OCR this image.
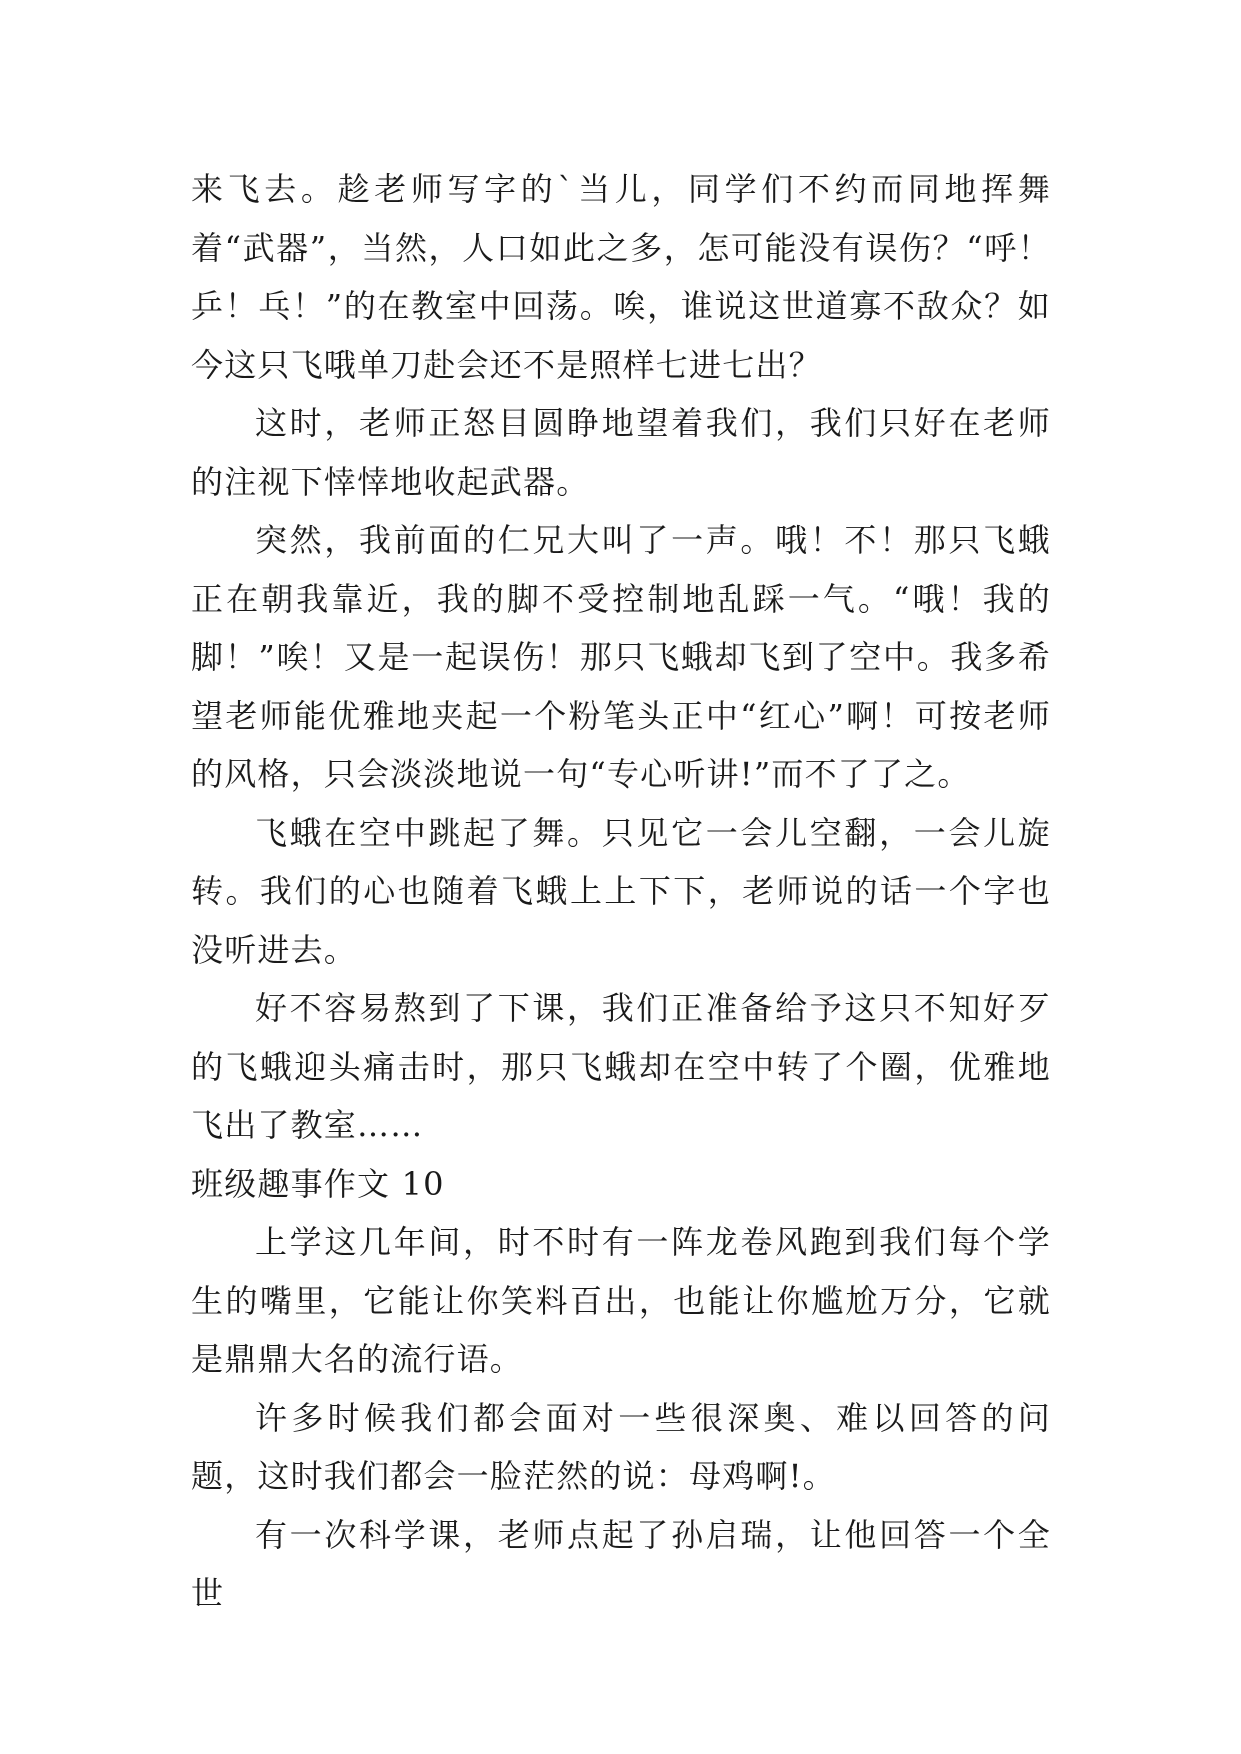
来飞去。趁老师写字的`当儿，同学们不约而同地挥舞着“武器”，当然，人口如此之多，怎可能没有误伤？“呼！乒！乓！”的在教室中回荡。唉，谁说这世道寡不敌众？如今这只飞哦单刀赴会还不是照样七进七出？

这时，老师正怒目圆睁地望着我们，我们只好在老师的注视下悻悻地收起武器。

突然，我前面的仁兄大叫了一声。哦！不！那只飞蛾正在朝我靠近，我的脚不受控制地乱踩一气。“哦！我的脚！”唉！又是一起误伤！那只飞蛾却飞到了空中。我多希望老师能优雅地夹起一个粉笔头正中“红心”啊！可按老师的风格，只会淡淡地说一句“专心听讲!”而不了了之。

飞蛾在空中跳起了舞。只见它一会儿空翻，一会儿旋转。我们的心也随着飞蛾上上下下，老师说的话一个字也没听进去。

好不容易熬到了下课，我们正准备给予这只不知好歹的飞蛾迎头痛击时，那只飞蛾却在空中转了个圈，优雅地飞出了教室……

班级趣事作文 10

上学这几年间，时不时有一阵龙卷风跑到我们每个学生的嘴里，它能让你笑料百出，也能让你尴尬万分，它就是鼎鼎大名的流行语。

许多时候我们都会面对一些很深奥、难以回答的问题，这时我们都会一脸茫然的说：母鸡啊!。

有一次科学课，老师点起了孙启瑞，让他回答一个全世
